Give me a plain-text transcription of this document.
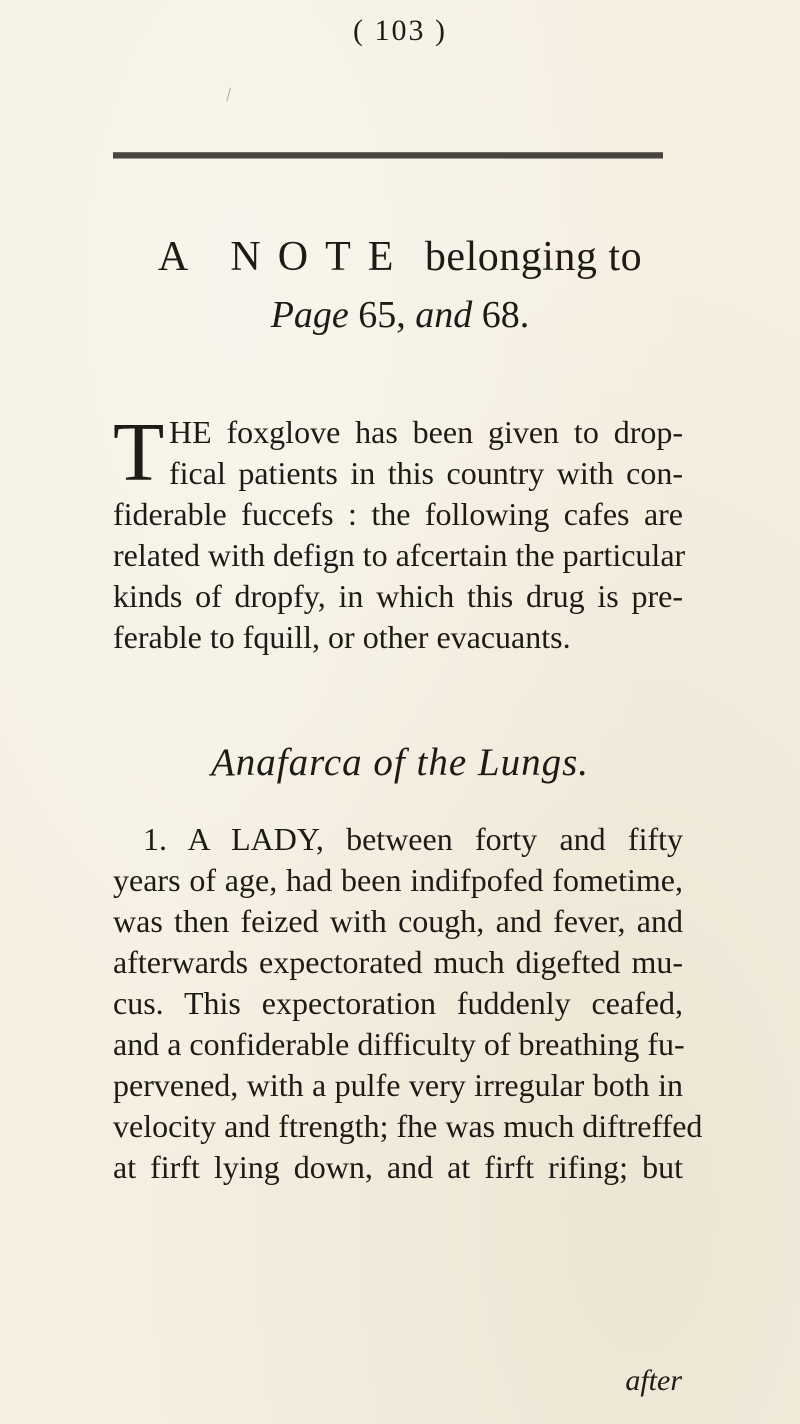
( 103 )
A NOTE belonging to
Page 65, and 68.
T HE foxglove has been given to drop-
fical patients in this country with con-
fiderable fuccefs : the following cafes are
related with defign to afcertain the particular
kinds of dropfy, in which this drug is pre-
ferable to fquill, or other evacuants.
Anafarca of the Lungs.
1. A LADY, between forty and fifty
years of age, had been indifpofed fometime,
was then feized with cough, and fever, and
afterwards expectorated much digefted mu-
cus. This expectoration fuddenly ceafed,
and a confiderable difficulty of breathing fu-
pervened, with a pulfe very irregular both in
velocity and ftrength; fhe was much diftreffed
at firft lying down, and at firft rifing; but
after
